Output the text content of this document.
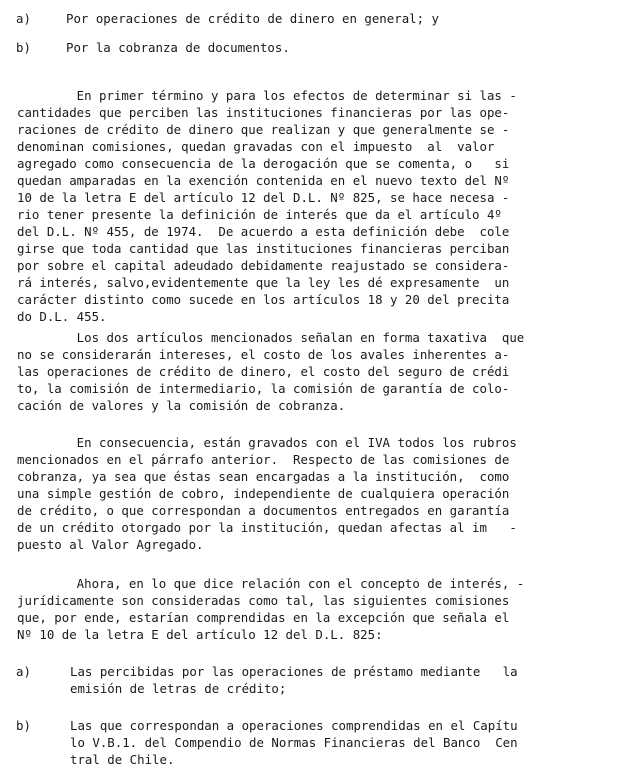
a)	Por operaciones de crédito de dinero en general; y
b)	Por la cobranza de documentos.
En primer término y para los efectos de determinar si las -
cantidades que perciben las instituciones financieras por las ope-
raciones de crédito de dinero que realizan y que generalmente se -
denominan comisiones, quedan gravadas con el impuesto  al  valor
agregado como consecuencia de la derogación que se comenta, o   si
quedan amparadas en la exención contenida en el nuevo texto del Nº
10 de la letra E del artículo 12 del D.L. Nº 825, se hace necesa -
rio tener presente la definición de interés que da el artículo 4º
del D.L. Nº 455, de 1974.  De acuerdo a esta definición debe  cole
girse que toda cantidad que las instituciones financieras perciban
por sobre el capital adeudado debidamente reajustado se considera-
rá interés, salvo,evidentemente que la ley les dé expresamente  un
carácter distinto como sucede en los artículos 18 y 20 del precita
do D.L. 455.
Los dos artículos mencionados señalan en forma taxativa  que
no se considerarán intereses, el costo de los avales inherentes a-
las operaciones de crédito de dinero, el costo del seguro de crédi
to, la comisión de intermediario, la comisión de garantía de colo-
cación de valores y la comisión de cobranza.
En consecuencia, están gravados con el IVA todos los rubros
mencionados en el párrafo anterior.  Respecto de las comisiones de
cobranza, ya sea que éstas sean encargadas a la institución,  como
una simple gestión de cobro, independiente de cualquiera operación
de crédito, o que correspondan a documentos entregados en garantía
de un crédito otorgado por la institución, quedan afectas al im   -
puesto al Valor Agregado.
Ahora, en lo que dice relación con el concepto de interés, -
jurídicamente son consideradas como tal, las siguientes comisiones
que, por ende, estarían comprendidas en la excepción que señala el
Nº 10 de la letra E del artículo 12 del D.L. 825:
a)	Las percibidas por las operaciones de préstamo mediante   la
emisión de letras de crédito;
b)	Las que correspondan a operaciones comprendidas en el Capítu
lo V.B.1. del Compendio de Normas Financieras del Banco  Cen
tral de Chile.
